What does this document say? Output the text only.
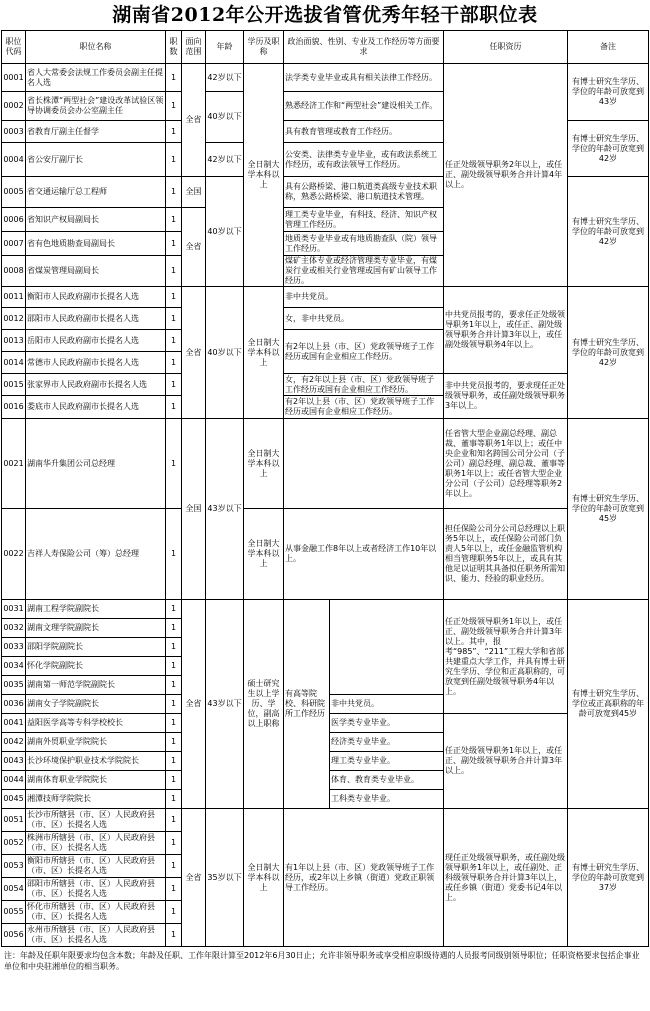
湖南省2012年公开选拔省管优秀年轻干部职位表
职位代码	职位名称	职数	面向范围	年龄	学历及职称	政治面貌、性别、专业及工作经历等方面要求		任职资历	备注
0001	省人大常委会法规工作委员会副主任提名人选	1	全省	42岁以下	全日制大学本科以上	法学类专业毕业或具有相关法律工作经历。		任正处级领导职务2年以上，或任正、副处级领导职务合并计算4年以上。	有博士研究生学历、学位的年龄可放宽到43岁
0002	省长株潭“两型社会”建设改革试验区领导协调委员会办公室副主任	1		40岁以下		熟悉经济工作和“两型社会”建设相关工作。			
0003	省教育厅副主任督学	1				具有教育管理或教育工作经历。			有博士研究生学历、学位的年龄可放宽到42岁
0004	省公安厅副厅长	1		42岁以下		公安类、法律类专业毕业，或有政法系统工作经历，或有政法领导工作经历。			
0005	省交通运输厅总工程师	1	全国	40岁以下		具有公路桥梁、港口航道类高级专业技术职称，熟悉公路桥梁、港口航道技术管理。			有博士研究生学历、学位的年龄可放宽到42岁
0006	省知识产权局副局长	1	全省			理工类专业毕业，有科技、经济、知识产权管理工作经历。			
0007	省有色地质勘查局副局长	1				地质类专业毕业或有地质勘查队（院）领导工作经历。			
0008	省煤炭管理局副局长	1				煤矿主体专业或经济管理类专业毕业，有煤炭行业或相关行业管理或国有矿山领导工作经历。			
0011	衡阳市人民政府副市长提名人选	1	全省	40岁以下	全日制大学本科以上	非中共党员。		中共党员报考的，要求任正处级领导职务1年以上，或任正、副处级领导职务合并计算3年以上，或任副处级领导职务4年以上。	有博士研究生学历、学位的年龄可放宽到42岁
0012	邵阳市人民政府副市长提名人选	1				女，非中共党员。			
0013	岳阳市人民政府副市长提名人选	1				有2年以上县（市、区）党政领导班子工作经历或国有企业相应工作经历。			
0014	常德市人民政府副市长提名人选	1							
0015	张家界市人民政府副市长提名人选	1				女，有2年以上县（市、区）党政领导班子工作经历或国有企业相应工作经历。		非中共党员报考的，要求现任正处级领导职务，或任副处级领导职务3年以上。	
0016	娄底市人民政府副市长提名人选	1				有2年以上县（市、区）党政领导班子工作经历或国有企业相应工作经历。			
0021	湖南华升集团公司总经理	1	全国	43岁以下	全日制大学本科以上			任省管大型企业副总经理、副总裁、董事等职务1年以上；或任中央企业和知名跨国公司分公司（子公司）副总经理、副总裁、董事等职务1年以上；或任省管大型企业分公司（子公司）总经理等职务2年以上。	有博士研究生学历、学位的年龄可放宽到45岁
0022	吉祥人寿保险公司（筹）总经理	1			全日制大学本科以上	从事金融工作8年以上或者经济工作10年以上。		担任保险公司分公司总经理以上职务5年以上，或任保险公司部门负责人5年以上，或任金融监管机构相当管理职务5年以上，或具有其他足以证明其具备拟任职务所需知识、能力、经验的职业经历。	
0031	湖南工程学院副院长	1	全省	43岁以下	硕士研究生以上学历、学位，副高以上职称	有高等院校、科研院所工作经历		任正处级领导职务1年以上，或任正、副处级领导职务合并计算3年以上。其中，报考“985”、“211”工程大学和省部共建重点大学工作，并具有博士研究生学历、学位和正高职称的，可放宽到任副处级领导职务4年以上。	有博士研究生学历、学位或正高职称的年龄可放宽到45岁
0032	湖南文理学院副院长	1							
0033	邵阳学院副院长	1							
0034	怀化学院副院长	1							
0035	湖南第一师范学院副院长	1							
0036	湖南女子学院副院长	1					非中共党员。		
0041	益阳医学高等专科学校校长	1					医学类专业毕业。	任正处级领导职务1年以上，或任正、副处级领导职务合并计算3年以上。	
0042	湖南外贸职业学院院长	1					经济类专业毕业。		
0043	长沙环境保护职业技术学院院长	1					理工类专业毕业。		
0044	湖南体育职业学院院长	1					体育、教育类专业毕业。		
0045	湘潭技师学院院长	1					工科类专业毕业。		
0051	长沙市所辖县（市、区）人民政府县（市、区）长提名人选	1	全省	35岁以下	全日制大学本科以上	有1年以上县（市、区）党政领导班子工作经历，或2年以上乡镇（街道）党政正职领导工作经历。		现任正处级领导职务，或任副处级领导职务1年以上，或任副处、正科级领导职务合并计算3年以上，或任乡镇（街道）党委书记4年以上。	有博士研究生学历、学位的年龄可放宽到37岁
0052	株洲市所辖县（市、区）人民政府县（市、区）长提名人选	1							
0053	衡阳市所辖县（市、区）人民政府县（市、区）长提名人选	1							
0054	邵阳市所辖县（市、区）人民政府县（市、区）长提名人选	1							
0055	怀化市所辖县（市、区）人民政府县（市、区）长提名人选	1							
0056	永州市所辖县（市、区）人民政府县（市、区）长提名人选	1							
注：年龄及任职年限要求均包含本数；年龄及任职、工作年限计算至2012年6月30日止；允许非领导职务或享受相应职级待遇的人员报考同级别领导职位；任职资格要求包括企事业单位和中央驻湘单位的相当职务。
